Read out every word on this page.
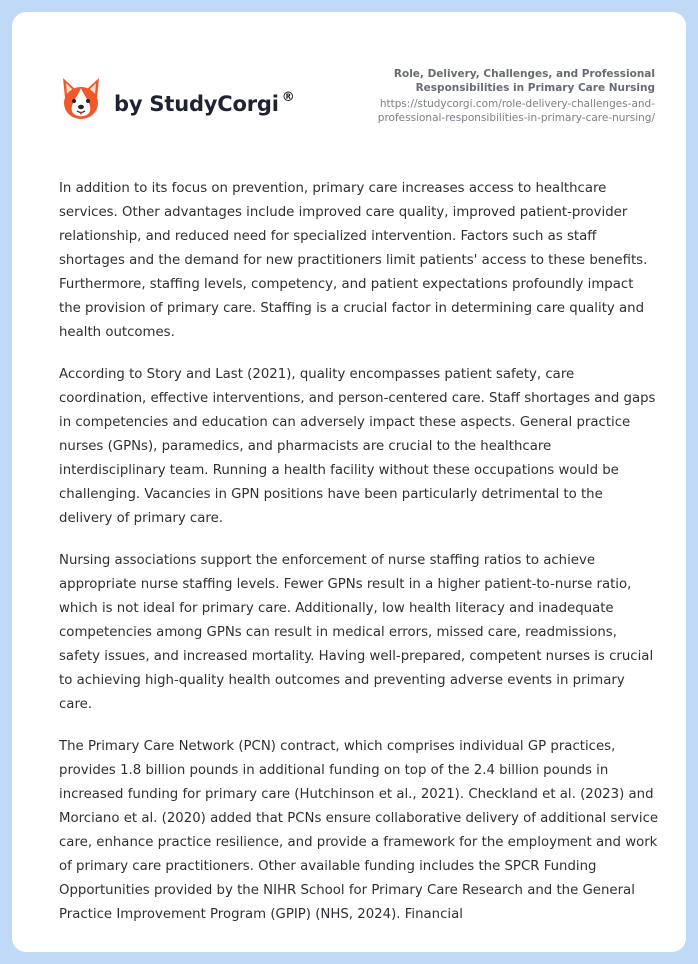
by StudyCorgi ®
Role, Delivery, Challenges, and Professional Responsibilities in Primary Care Nursing
https://studycorgi.com/role-delivery-challenges-and-professional-responsibilities-in-primary-care-nursing/

In addition to its focus on prevention, primary care increases access to healthcare services. Other advantages include improved care quality, improved patient-provider relationship, and reduced need for specialized intervention. Factors such as staff shortages and the demand for new practitioners limit patients' access to these benefits. Furthermore, staffing levels, competency, and patient expectations profoundly impact the provision of primary care. Staffing is a crucial factor in determining care quality and health outcomes.

According to Story and Last (2021), quality encompasses patient safety, care coordination, effective interventions, and person-centered care. Staff shortages and gaps in competencies and education can adversely impact these aspects. General practice nurses (GPNs), paramedics, and pharmacists are crucial to the healthcare interdisciplinary team. Running a health facility without these occupations would be challenging. Vacancies in GPN positions have been particularly detrimental to the delivery of primary care.

Nursing associations support the enforcement of nurse staffing ratios to achieve appropriate nurse staffing levels. Fewer GPNs result in a higher patient-to-nurse ratio, which is not ideal for primary care. Additionally, low health literacy and inadequate competencies among GPNs can result in medical errors, missed care, readmissions, safety issues, and increased mortality. Having well-prepared, competent nurses is crucial to achieving high-quality health outcomes and preventing adverse events in primary care.

The Primary Care Network (PCN) contract, which comprises individual GP practices, provides 1.8 billion pounds in additional funding on top of the 2.4 billion pounds in increased funding for primary care (Hutchinson et al., 2021). Checkland et al. (2023) and Morciano et al. (2020) added that PCNs ensure collaborative delivery of additional service care, enhance practice resilience, and provide a framework for the employment and work of primary care practitioners. Other available funding includes the SPCR Funding Opportunities provided by the NIHR School for Primary Care Research and the General Practice Improvement Program (GPIP) (NHS, 2024). Financial
